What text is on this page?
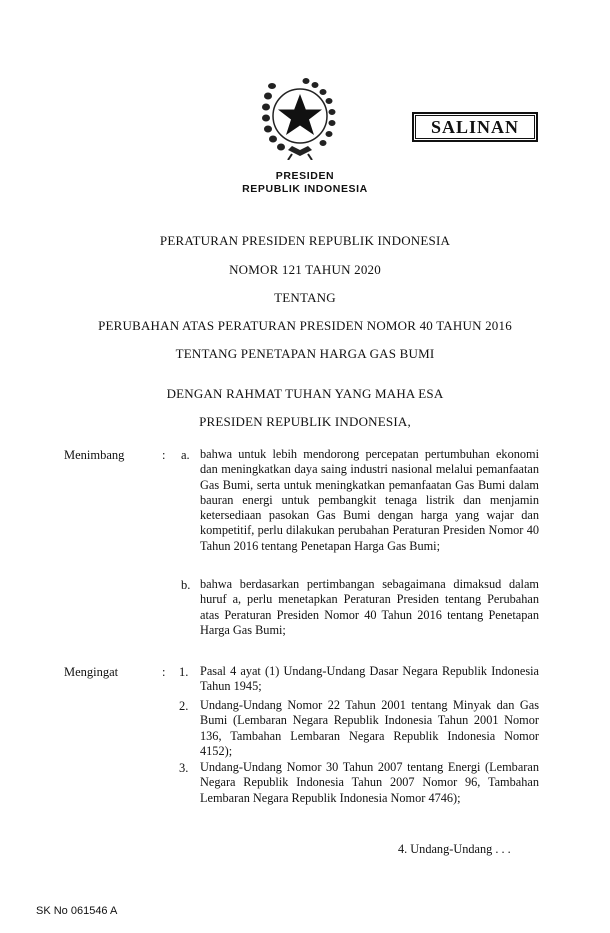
SALINAN
PRESIDEN
REPUBLIK INDONESIA
PERATURAN PRESIDEN REPUBLIK INDONESIA
NOMOR 121 TAHUN 2020
TENTANG
PERUBAHAN ATAS PERATURAN PRESIDEN NOMOR 40 TAHUN 2016
TENTANG PENETAPAN HARGA GAS BUMI
DENGAN RAHMAT TUHAN YANG MAHA ESA
PRESIDEN REPUBLIK INDONESIA,
Menimbang	: a. bahwa untuk lebih mendorong percepatan pertumbuhan ekonomi dan meningkatkan daya saing industri nasional melalui pemanfaatan Gas Bumi, serta untuk meningkatkan pemanfaatan Gas Bumi dalam bauran energi untuk pembangkit tenaga listrik dan menjamin ketersediaan pasokan Gas Bumi dengan harga yang wajar dan kompetitif, perlu dilakukan perubahan Peraturan Presiden Nomor 40 Tahun 2016 tentang Penetapan Harga Gas Bumi;
b. bahwa berdasarkan pertimbangan sebagaimana dimaksud dalam huruf a, perlu menetapkan Peraturan Presiden tentang Perubahan atas Peraturan Presiden Nomor 40 Tahun 2016 tentang Penetapan Harga Gas Bumi;
Mengingat	: 1. Pasal 4 ayat (1) Undang-Undang Dasar Negara Republik Indonesia Tahun 1945;
2. Undang-Undang Nomor 22 Tahun 2001 tentang Minyak dan Gas Bumi (Lembaran Negara Republik Indonesia Tahun 2001 Nomor 136, Tambahan Lembaran Negara Republik Indonesia Nomor 4152);
3. Undang-Undang Nomor 30 Tahun 2007 tentang Energi (Lembaran Negara Republik Indonesia Tahun 2007 Nomor 96, Tambahan Lembaran Negara Republik Indonesia Nomor 4746);
4. Undang-Undang . . .
SK No 061546 A
